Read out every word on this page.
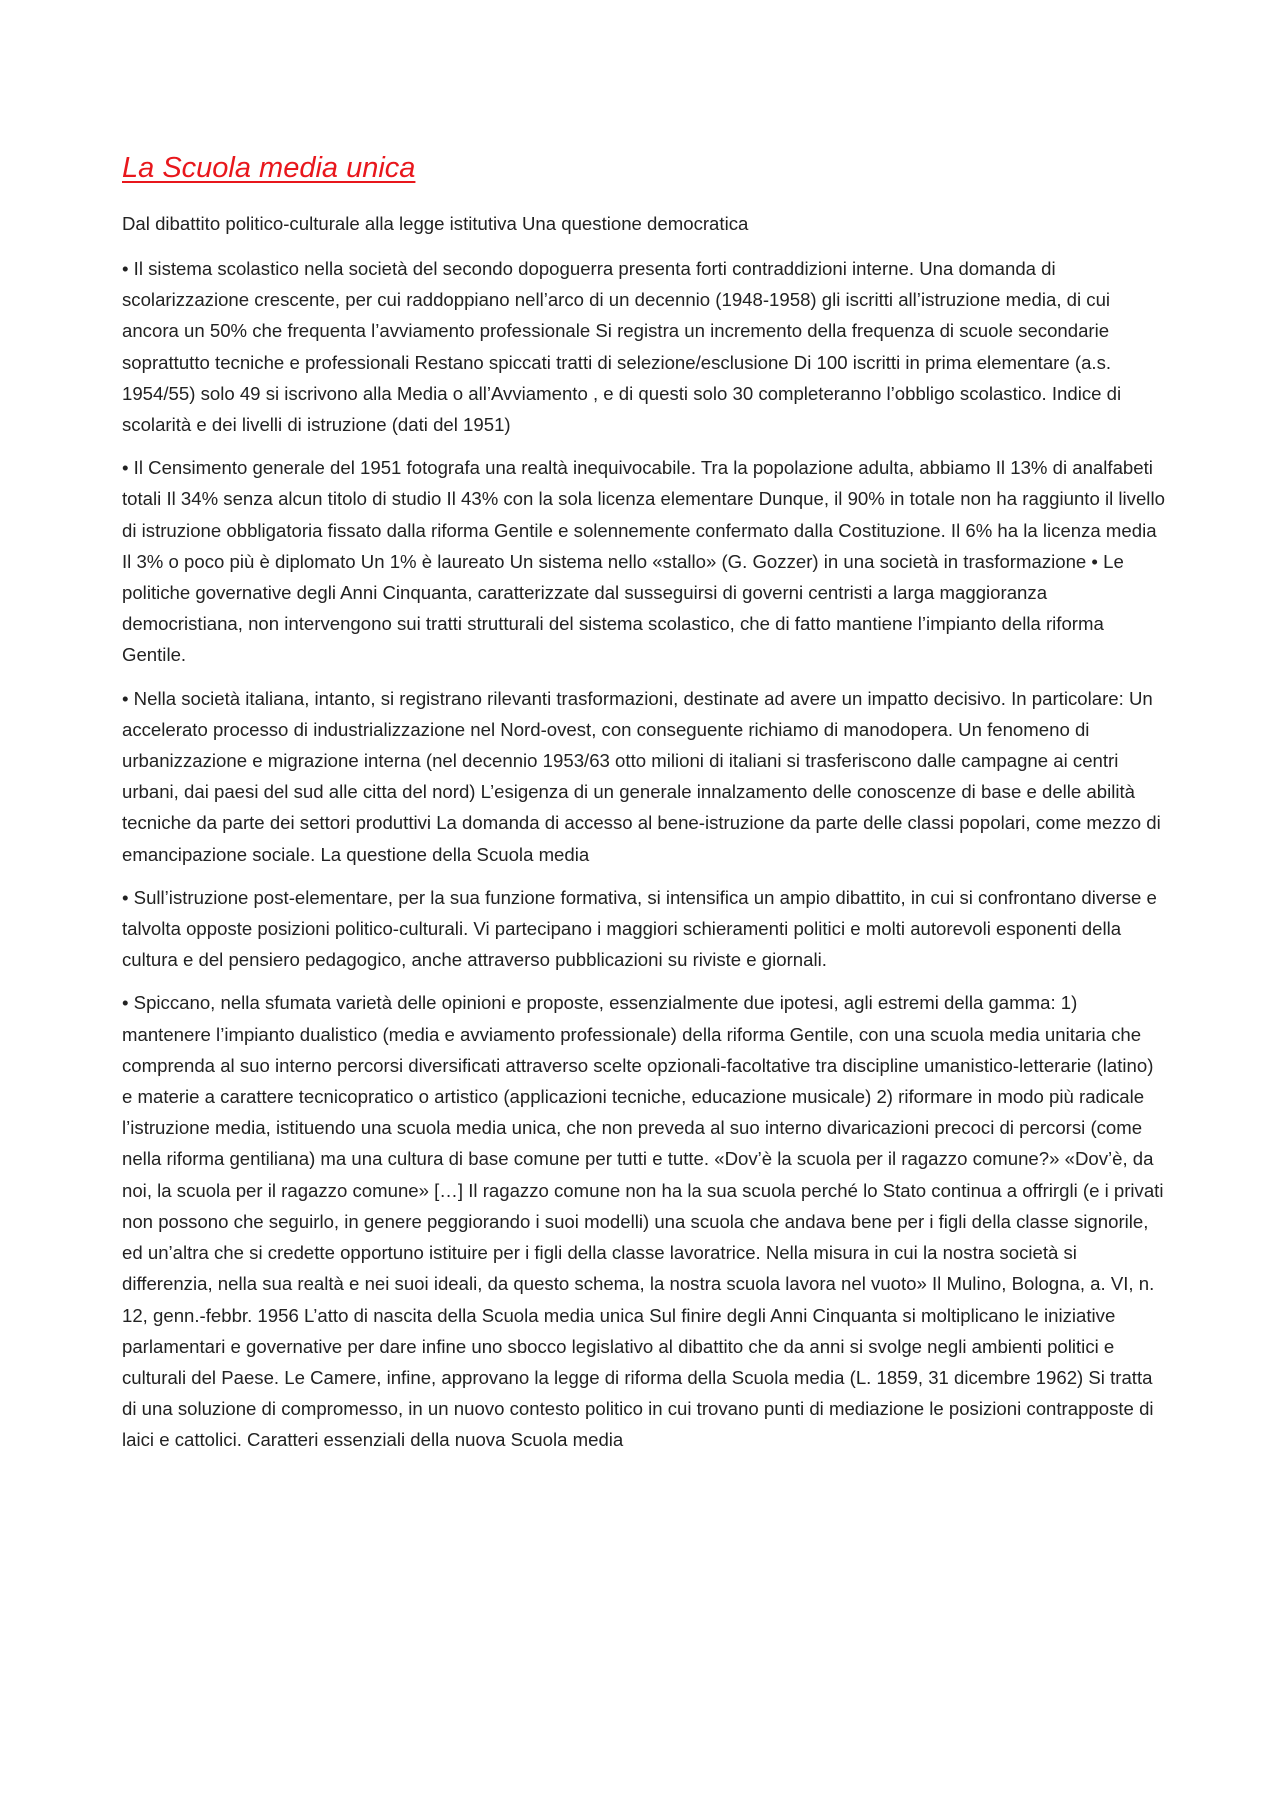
La Scuola media unica

Dal dibattito politico-culturale alla legge istitutiva Una questione democratica

• Il sistema scolastico nella società del secondo dopoguerra presenta forti contraddizioni interne. Una domanda di scolarizzazione crescente, per cui raddoppiano nell’arco di un decennio (1948-1958) gli iscritti all’istruzione media, di cui ancora un 50% che frequenta l’avviamento professionale Si registra un incremento della frequenza di scuole secondarie soprattutto tecniche e professionali Restano spiccati tratti di selezione/esclusione Di 100 iscritti in prima elementare (a.s. 1954/55) solo 49 si iscrivono alla Media o all’Avviamento , e di questi solo 30 completeranno l’obbligo scolastico. Indice di scolarità e dei livelli di istruzione (dati del 1951)

• Il Censimento generale del 1951 fotografa una realtà inequivocabile. Tra la popolazione adulta, abbiamo Il 13% di analfabeti totali Il 34% senza alcun titolo di studio Il 43% con la sola licenza elementare Dunque, il 90% in totale non ha raggiunto il livello di istruzione obbligatoria fissato dalla riforma Gentile e solennemente confermato dalla Costituzione. Il 6% ha la licenza media Il 3% o poco più è diplomato Un 1% è laureato Un sistema nello «stallo» (G. Gozzer) in una società in trasformazione • Le politiche governative degli Anni Cinquanta, caratterizzate dal susseguirsi di governi centristi a larga maggioranza democristiana, non intervengono sui tratti strutturali del sistema scolastico, che di fatto mantiene l’impianto della riforma Gentile.

• Nella società italiana, intanto, si registrano rilevanti trasformazioni, destinate ad avere un impatto decisivo. In particolare: Un accelerato processo di industrializzazione nel Nord-ovest, con conseguente richiamo di manodopera. Un fenomeno di urbanizzazione e migrazione interna (nel decennio 1953/63 otto milioni di italiani si trasferiscono dalle campagne ai centri urbani, dai paesi del sud alle citta del nord) L’esigenza di un generale innalzamento delle conoscenze di base e delle abilità tecniche da parte dei settori produttivi La domanda di accesso al bene-istruzione da parte delle classi popolari, come mezzo di emancipazione sociale. La questione della Scuola media

• Sull’istruzione post-elementare, per la sua funzione formativa, si intensifica un ampio dibattito, in cui si confrontano diverse e talvolta opposte posizioni politico-culturali. Vi partecipano i maggiori schieramenti politici e molti autorevoli esponenti della cultura e del pensiero pedagogico, anche attraverso pubblicazioni su riviste e giornali.

• Spiccano, nella sfumata varietà delle opinioni e proposte, essenzialmente due ipotesi, agli estremi della gamma: 1) mantenere l’impianto dualistico (media e avviamento professionale) della riforma Gentile, con una scuola media unitaria che comprenda al suo interno percorsi diversificati attraverso scelte opzionali-facoltative tra discipline umanistico-letterarie (latino) e materie a carattere tecnicopratico o artistico (applicazioni tecniche, educazione musicale) 2) riformare in modo più radicale l’istruzione media, istituendo una scuola media unica, che non preveda al suo interno divaricazioni precoci di percorsi (come nella riforma gentiliana) ma una cultura di base comune per tutti e tutte. «Dov’è la scuola per il ragazzo comune?» «Dov’è, da noi, la scuola per il ragazzo comune» […] Il ragazzo comune non ha la sua scuola perché lo Stato continua a offrirgli (e i privati non possono che seguirlo, in genere peggiorando i suoi modelli) una scuola che andava bene per i figli della classe signorile, ed un’altra che si credette opportuno istituire per i figli della classe lavoratrice. Nella misura in cui la nostra società si differenzia, nella sua realtà e nei suoi ideali, da questo schema, la nostra scuola lavora nel vuoto» Il Mulino, Bologna, a. VI, n. 12, genn.-febbr. 1956 L’atto di nascita della Scuola media unica Sul finire degli Anni Cinquanta si moltiplicano le iniziative parlamentari e governative per dare infine uno sbocco legislativo al dibattito che da anni si svolge negli ambienti politici e culturali del Paese. Le Camere, infine, approvano la legge di riforma della Scuola media (L. 1859, 31 dicembre 1962) Si tratta di una soluzione di compromesso, in un nuovo contesto politico in cui trovano punti di mediazione le posizioni contrapposte di laici e cattolici. Caratteri essenziali della nuova Scuola media
